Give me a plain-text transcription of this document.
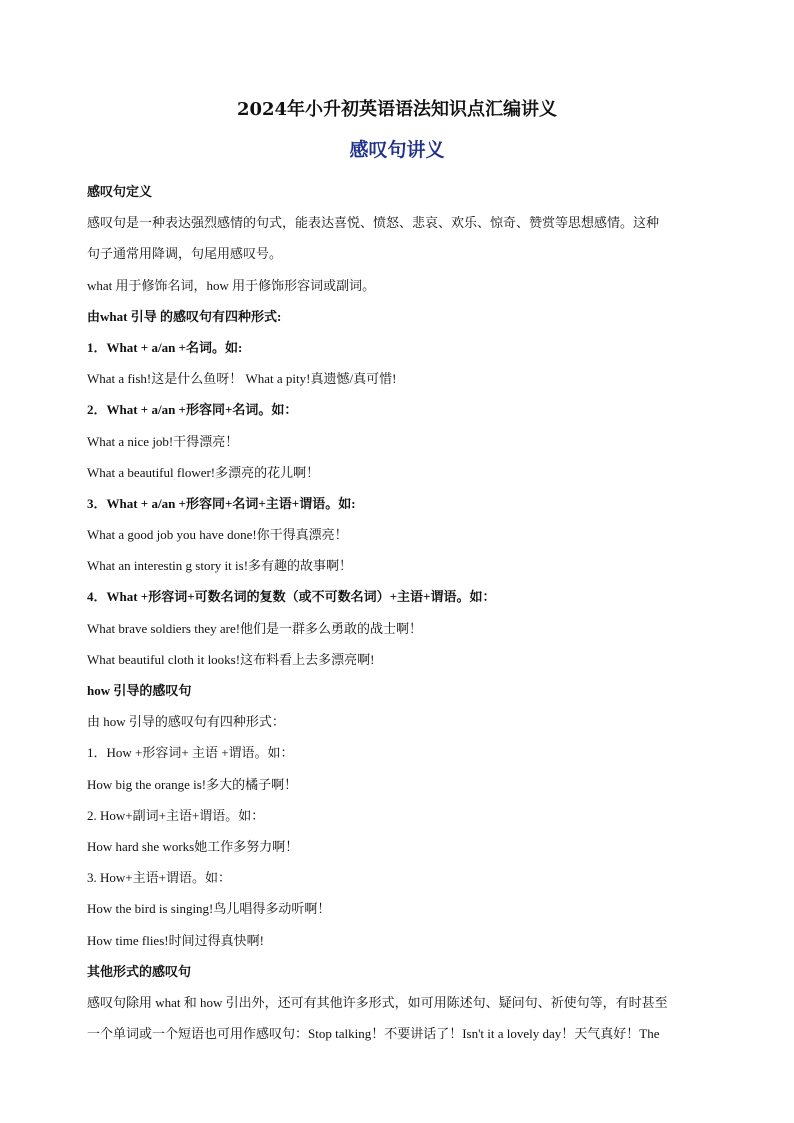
2024年小升初英语语法知识点汇编讲义
感叹句讲义
感叹句定义
感叹句是一种表达强烈感情的句式，能表达喜悦、愤怒、悲哀、欢乐、惊奇、赞赏等思想感情。这种
句子通常用降调，句尾用感叹号。
what 用于修饰名词，how 用于修饰形容词或副词。
由what 引导 的感叹句有四种形式:
1．What + a/an +名词。如:
What a fish!这是什么鱼呀！ What a pity!真遗憾/真可惜!
2．What + a/an +形容同+名词。如：
What a nice job!干得漂亮！
What a beautiful flower!多漂亮的花儿啊！
3．What + a/an +形容同+名词+主语+谓语。如:
What a good job you have done!你干得真漂亮！
What an interestin g story it is!多有趣的故事啊！
4．What +形容词+可数名词的复数（或不可数名词）+主语+谓语。如：
What brave soldiers they are!他们是一群多么勇敢的战士啊！
What beautiful cloth it looks!这布料看上去多漂亮啊!
how 引导的感叹句
由 how 引导的感叹句有四种形式：
1．How +形容词+ 主语 +谓语。如：
How big the orange is!多大的橘子啊！
2. How+副词+主语+谓语。如：
How hard she works她工作多努力啊！
3. How+主语+谓语。如：
How the bird is singing!鸟儿唱得多动听啊！
How time flies!时间过得真快啊!
其他形式的感叹句
感叹句除用 what 和 how 引出外，还可有其他许多形式，如可用陈述句、疑问句、祈使句等，有时甚至
一个单词或一个短语也可用作感叹句：Stop talking！不要讲话了！Isn't it a lovely day！天气真好！The
